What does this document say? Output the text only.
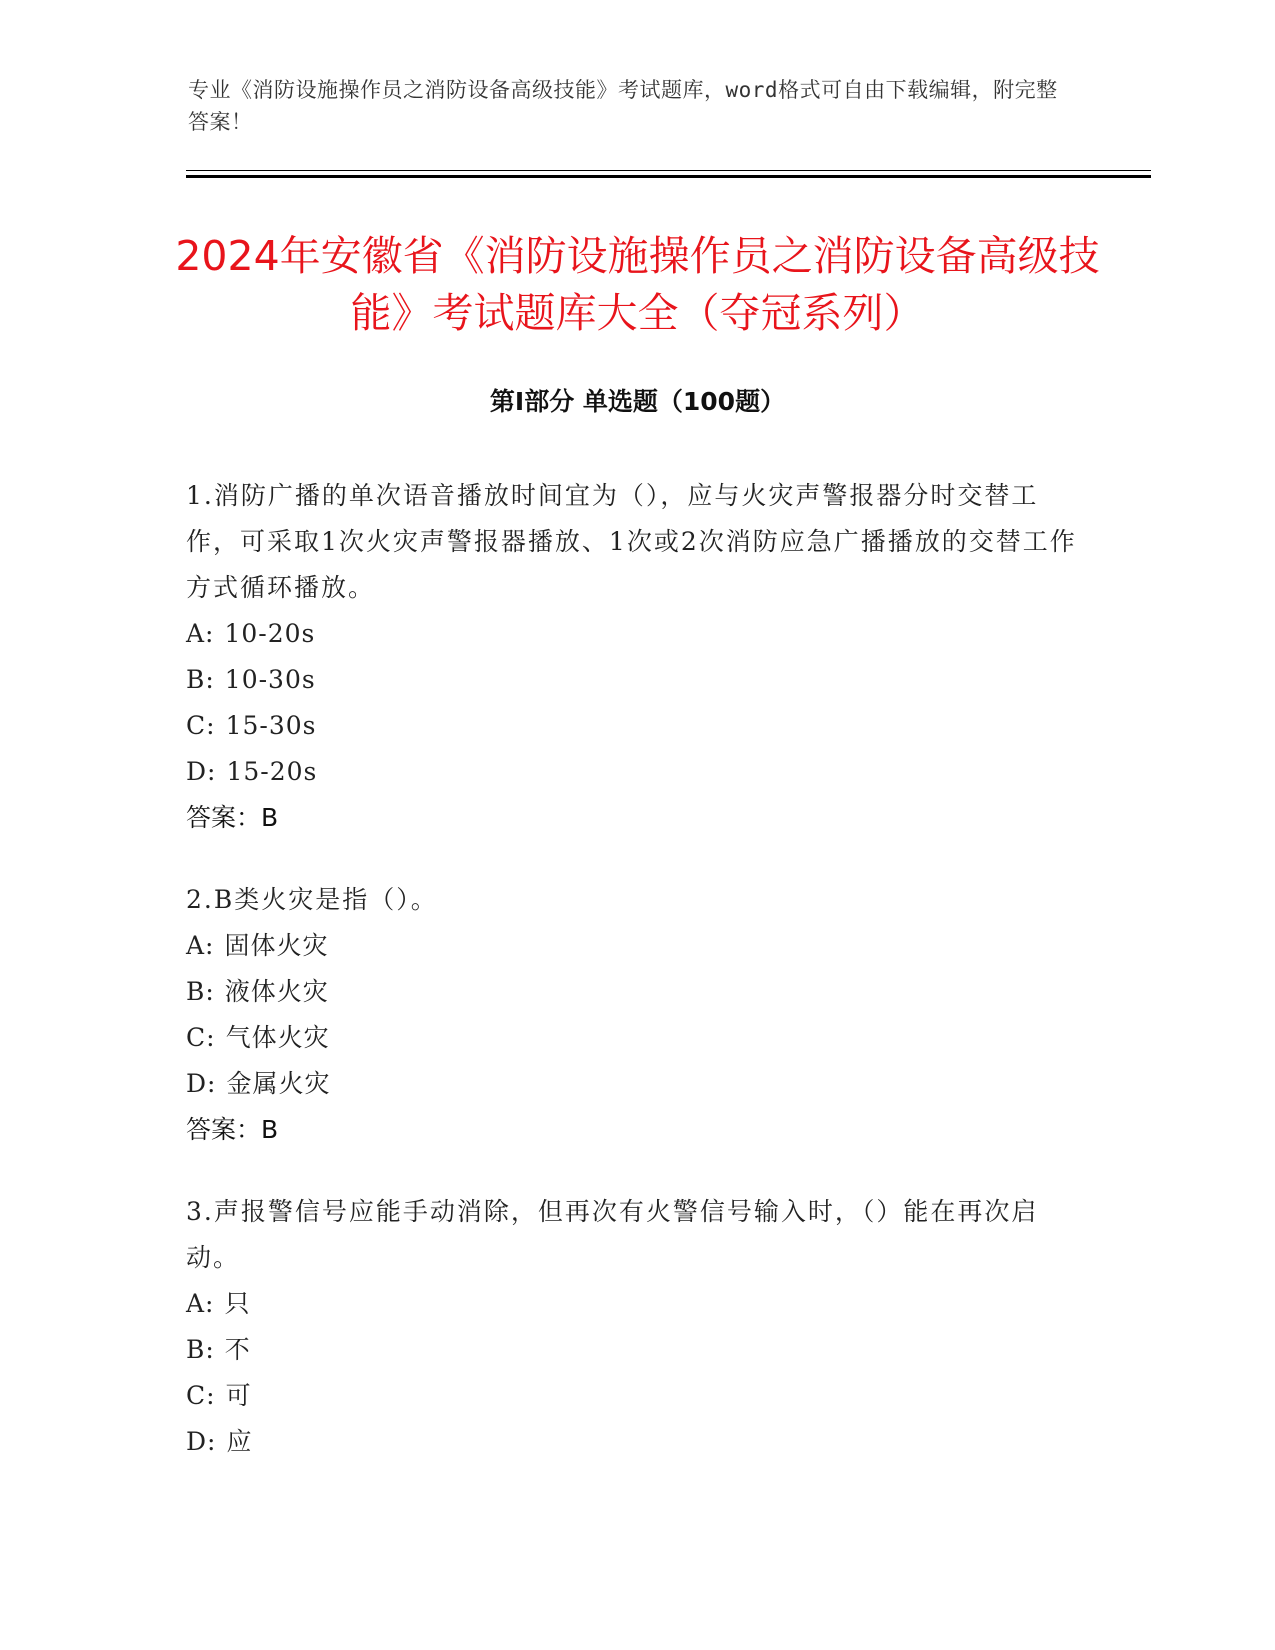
专业《消防设施操作员之消防设备高级技能》考试题库，word格式可自由下载编辑，附完整答案！
2024年安徽省《消防设施操作员之消防设备高级技能》考试题库大全（夺冠系列）
第I部分 单选题（100题）

1.消防广播的单次语音播放时间宜为（），应与火灾声警报器分时交替工作，可采取1次火灾声警报器播放、1次或2次消防应急广播播放的交替工作方式循环播放。

A: 10-20s
B: 10-30s
C: 15-30s
D: 15-20s

答案：B

2.B类火灾是指（）。

A: 固体火灾
B: 液体火灾
C: 气体火灾
D: 金属火灾

答案：B

3.声报警信号应能手动消除，但再次有火警信号输入时，（）能在再次启动。

A: 只
B: 不
C: 可
D: 应
